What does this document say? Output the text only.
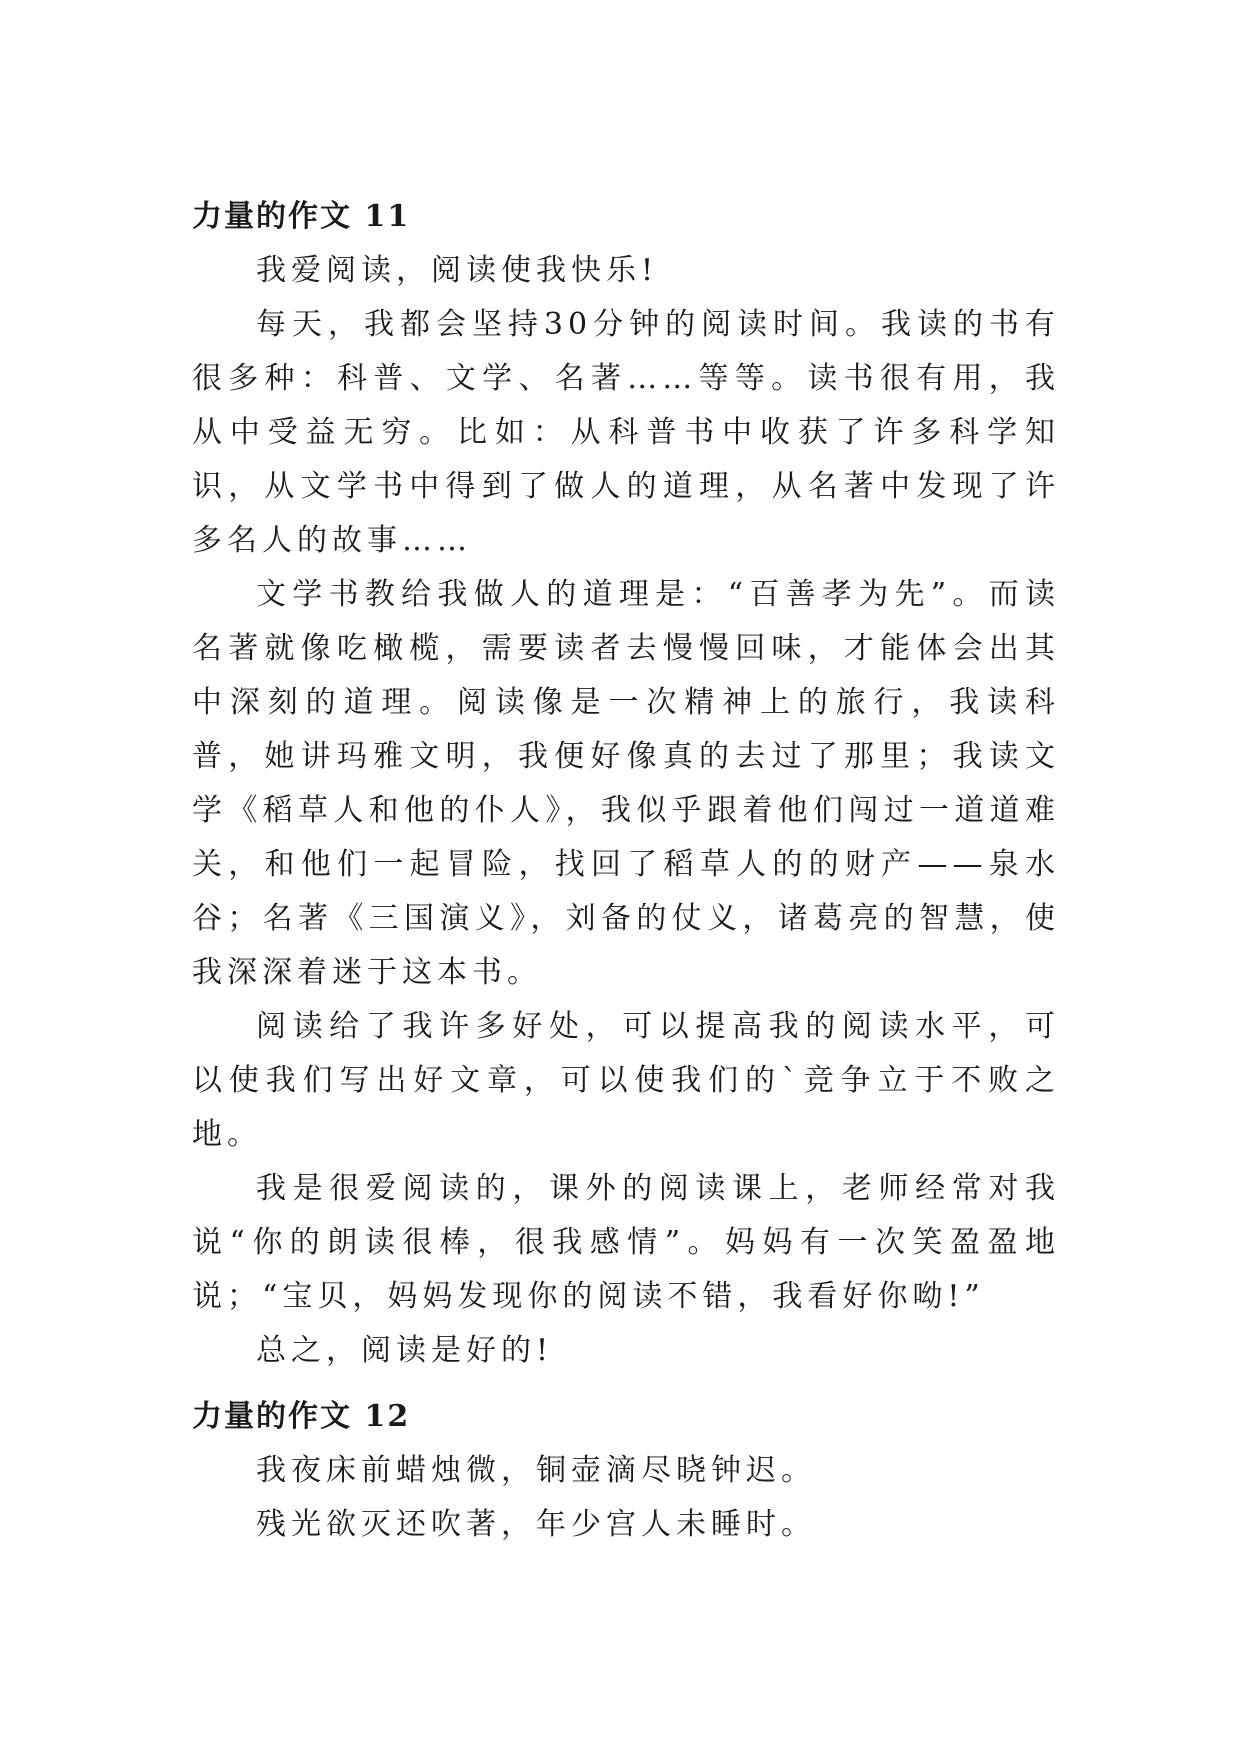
力量的作文 11

我爱阅读，阅读使我快乐!

每天，我都会坚持30分钟的阅读时间。我读的书有很多种：科普、文学、名著……等等。读书很有用，我从中受益无穷。比如：从科普书中收获了许多科学知识，从文学书中得到了做人的道理，从名著中发现了许多名人的故事……

文学书教给我做人的道理是：“百善孝为先”。而读名著就像吃橄榄，需要读者去慢慢回味，才能体会出其中深刻的道理。阅读像是一次精神上的旅行，我读科普，她讲玛雅文明，我便好像真的去过了那里；我读文学《稻草人和他的仆人》，我似乎跟着他们闯过一道道难关，和他们一起冒险，找回了稻草人的的财产——泉水谷；名著《三国演义》，刘备的仗义，诸葛亮的智慧，使我深深着迷于这本书。

阅读给了我许多好处，可以提高我的阅读水平，可以使我们写出好文章，可以使我们的`竞争立于不败之地。

我是很爱阅读的，课外的阅读课上，老师经常对我说“你的朗读很棒，很我感情”。妈妈有一次笑盈盈地说；“宝贝，妈妈发现你的阅读不错，我看好你呦!”

总之，阅读是好的!

力量的作文 12

我夜床前蜡烛微，铜壶滴尽晓钟迟。

残光欲灭还吹著，年少宫人未睡时。
